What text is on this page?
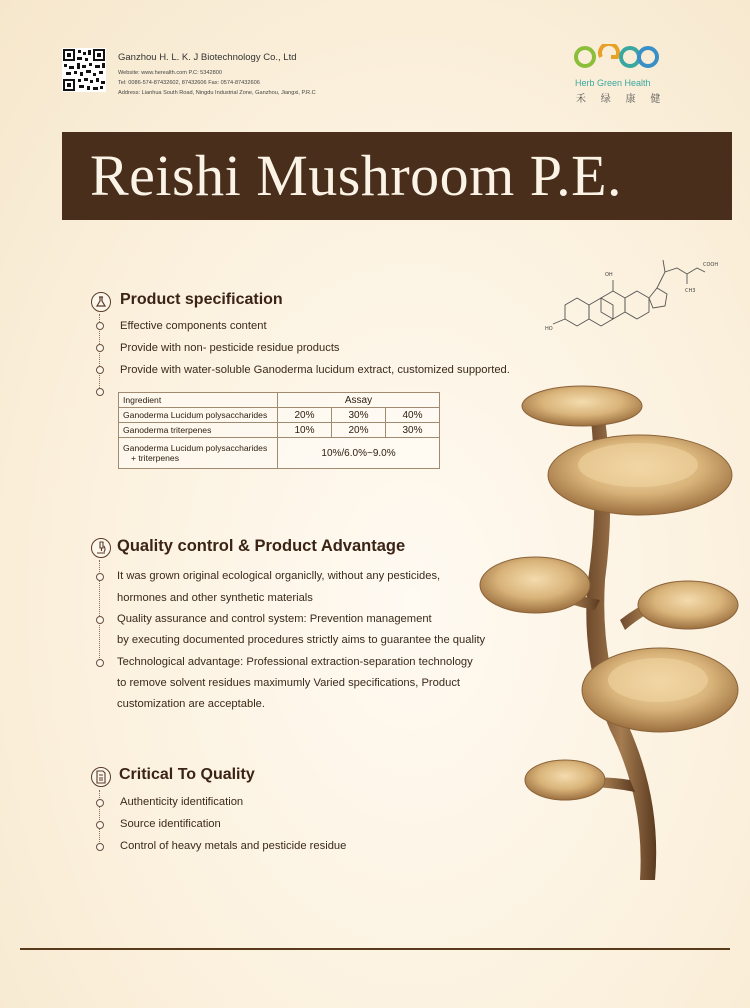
Ganzhou H. L. K. J Biotechnology Co., Ltd
Website: www.herealth.com P.C: 5342800
Tel: 0086-574-87432602, 87432606 Fax: 0574-87432606
Address: Lianhua South Road, Ningdu Industrial Zone, Ganzhou, Jiangxi, P.R.C
Herb Green Health
禾 绿 康 健
Reishi Mushroom P.E.
COOH
OH
CH3
HO
Product specification
Effective components content
Provide with non- pesticide residue products
Provide with water-soluble Ganoderma lucidum extract, customized supported.
Ingredient	Assay		
Ganoderma Lucidum polysaccharides	20%	30%	40%
Ganoderma triterpenes	10%	20%	30%

Ganoderma Lucidum polysaccharides
+ triterpenes	10%/6.0%~9.0%		
Quality control & Product Advantage
It was grown original ecological organiclly, without any pesticides,
hormones and other synthetic materials
Quality assurance and control system: Prevention management
by executing documented procedures strictly aims to guarantee the quality
Technological advantage: Professional extraction-separation technology
to remove solvent residues maximumly Varied specifications, Product
customization are acceptable.
Critical To Quality
Authenticity identification
Source identification
Control of heavy metals and pesticide residue
